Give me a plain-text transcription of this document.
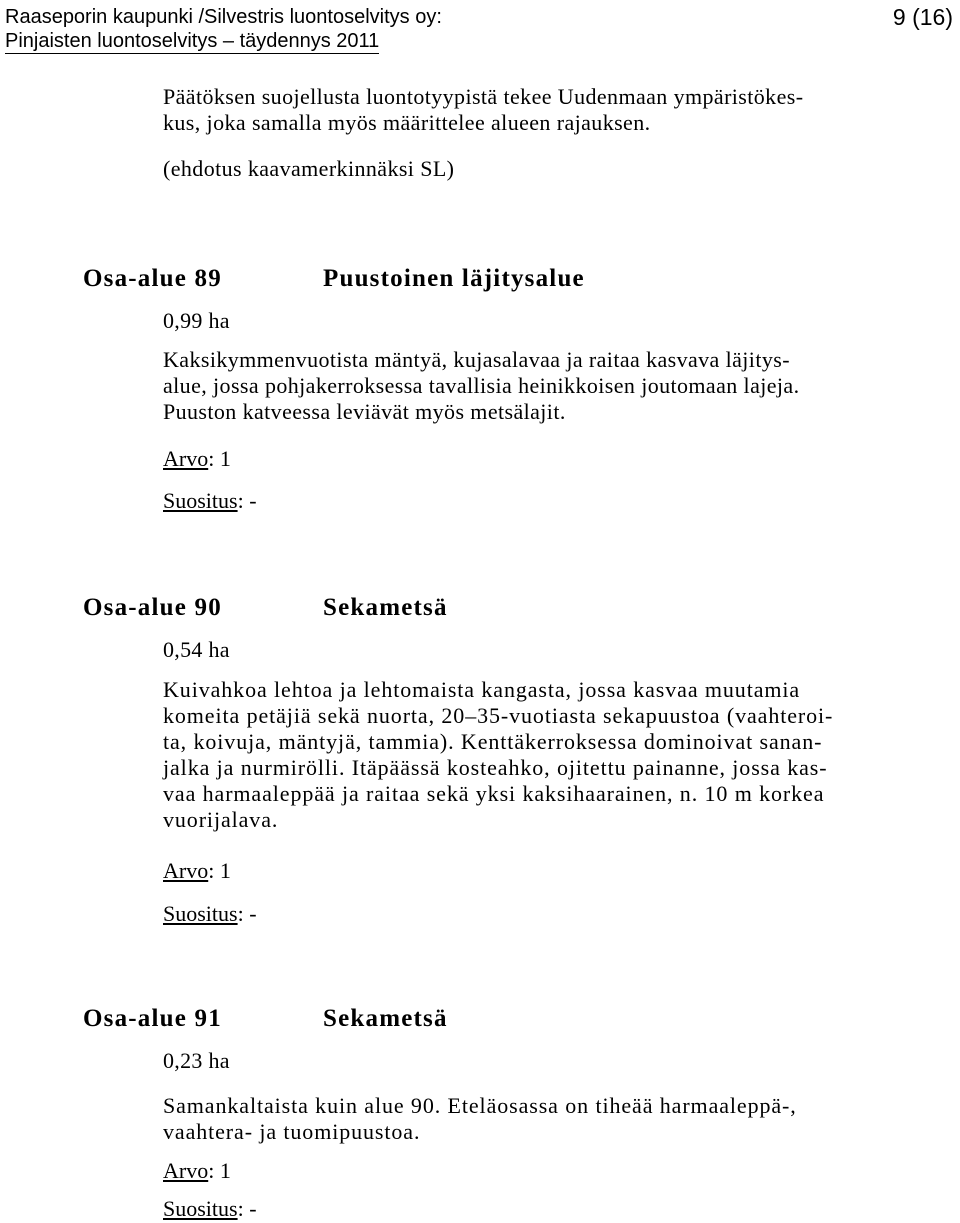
Raaseporin kaupunki /Silvestris luontoselvitys oy:
Pinjaisten luontoselvitys – täydennys 2011
9 (16)
Päätöksen suojellusta luontotyypistä tekee Uudenmaan ympäristökes-
kus, joka samalla myös määrittelee alueen rajauksen.
(ehdotus kaavamerkinnäksi SL)
Osa-alue 89	Puustoinen läjitysalue
0,99 ha
Kaksikymmenvuotista mäntyä, kujasalavaa ja raitaa kasvava läjitys-
alue, jossa pohjakerroksessa tavallisia heinikkoisen joutomaan lajeja.
Puuston katveessa leviävät myös metsälajit.
Arvo: 1
Suositus: -
Osa-alue 90	Sekametsä
0,54 ha
Kuivahkoa lehtoa ja lehtomaista kangasta, jossa kasvaa muutamia
komeita petäjiä sekä nuorta, 20–35-vuotiasta sekapuustoa (vaahteroi-
ta, koivuja, mäntyjä, tammia). Kenttäkerroksessa dominoivat sanan-
jalka ja nurmirölli. Itäpäässä kosteahko, ojitettu painanne, jossa kas-
vaa harmaaleppää ja raitaa sekä yksi kaksihaarainen, n. 10 m korkea
vuorijalava.
Arvo: 1
Suositus: -
Osa-alue 91	Sekametsä
0,23 ha
Samankaltaista kuin alue 90. Eteläosassa on tiheää harmaaleppä-,
vaahtera- ja tuomipuustoa.
Arvo: 1
Suositus: -
